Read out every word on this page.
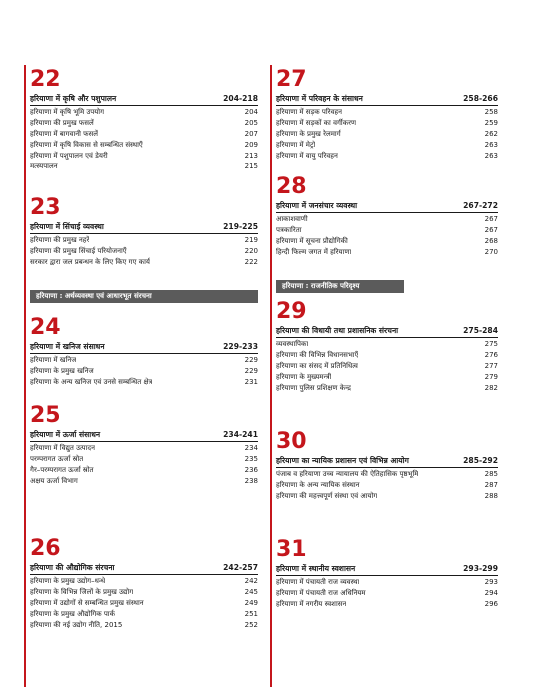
हरियाणा : अर्थव्यवस्था एवं आधारभूत संरचना
हरियाणा : राजनीतिक परिदृश्य
22
हरियाणा में कृषि और पशुपालन	204-218
हरियाणा में कृषि भूमि उपयोग	204
हरियाणा की प्रमुख फसलें	205
हरियाणा में बागवानी फसलें	207
हरियाणा में कृषि विकास से सम्बन्धित संस्थाएँ	209
हरियाणा में पशुपालन एवं डेयरी	213
मत्स्यपालन	215
23
हरियाणा में सिंचाई व्यवस्था	219-225
हरियाणा की प्रमुख नहरें	219
हरियाणा की प्रमुख सिंचाई परियोजनाएँ	220
सरकार द्वारा जल प्रबन्धन के लिए किए गए कार्य	222
24
हरियाणा में खनिज संसाधन	229-233
हरियाणा में खनिज	229
हरियाणा के प्रमुख खनिज	229
हरियाणा के अन्य खनिज एवं उनसे सम्बन्धित क्षेत्र	231
25
हरियाणा में ऊर्जा संसाधन	234-241
हरियाणा में विद्युत उत्पादन	234
परम्परागत ऊर्जा स्रोत	235
गैर–परम्परागत ऊर्जा स्रोत	236
अक्षय ऊर्जा विभाग	238
26
हरियाणा की औद्योगिक संरचना	242-257
हरियाणा के प्रमुख उद्योग–धन्धे	242
हरियाणा के विभिन्न जिलों के प्रमुख उद्योग	245
हरियाणा में उद्योगों से सम्बन्धित प्रमुख संस्थान	249
हरियाणा के प्रमुख औद्योगिक पार्क	251
हरियाणा की नई उद्योग नीति, 2015	252
27
हरियाणा में परिवहन के संसाधन	258-266
हरियाणा में सड़क परिवहन	258
हरियाणा में सड़कों का वर्गीकरण	259
हरियाणा के प्रमुख रेलमार्ग	262
हरियाणा में मेट्रो	263
हरियाणा में वायु परिवहन	263
28
हरियाणा में जनसंचार व्यवस्था	267-272
आकाशवाणी	267
पत्रकारिता	267
हरियाणा में सूचना प्रौद्योगिकी	268
हिन्दी फिल्म जगत में हरियाणा	270
29
हरियाणा की विधायी तथा प्रशासनिक संरचना	275-284
व्यवस्थापिका	275
हरियाणा की विभिन्न विधानसभाएँ	276
हरियाणा का संसद में प्रतिनिधित्व	277
हरियाणा के मुख्यमन्त्री	279
हरियाणा पुलिस प्रशिक्षण केन्द्र	282
30
हरियाणा का न्यायिक प्रशासन एवं विभिन्न आयोग	285-292
पंजाब व हरियाणा उच्च न्यायालय की ऐतिहासिक पृष्ठभूमि	285
हरियाणा के अन्य न्यायिक संस्थान	287
हरियाणा की महत्त्वपूर्ण संस्था एवं आयोग	288
31
हरियाणा में स्थानीय स्वशासन	293-299
हरियाणा में पंचायती राज व्यवस्था	293
हरियाणा में पंचायती राज अधिनियम	294
हरियाणा में नगरीय स्वशासन	296
